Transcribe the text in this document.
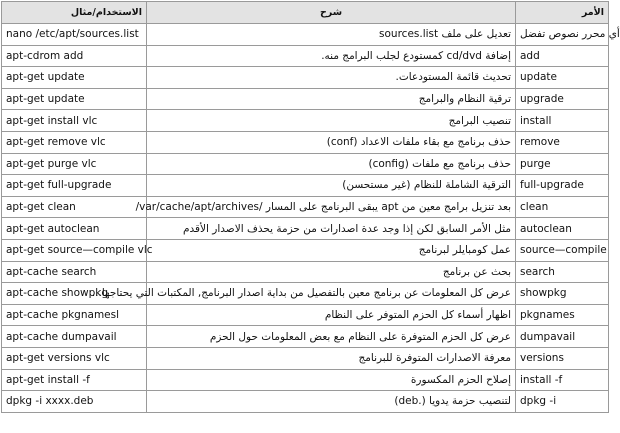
الأمر	شرح	الاستخدام/مثال
أي محرر نصوص تفضل	تعديل على ملف sources.list	nano /etc/apt/sources.list
add	إضافة cd/dvd كمستودع لجلب البرامج منه.	apt-cdrom add
update	تحديث قائمة المستودعات.	apt-get update
upgrade	ترقية النظام والبرامج	apt-get update
install	تنصيب البرامج	apt-get install vlc
remove	حذف برنامج مع بقاء ملفات الاعداد (conf)	apt-get remove vlc
purge	حذف برنامج مع ملفات (config)	apt-get purge vlc
full-upgrade	الترقية الشاملة للنظام (غير مستحسن)	apt-get full-upgrade
clean	بعد تنزيل برامج معين من apt يبقى البرنامج على المسار /var/cache/apt/archives/	apt-get clean
autoclean	مثل الأمر السابق لكن إذا وجد عدة اصدارات من حزمة يحذف الاصدار الأقدم	apt-get autoclean
source—compile	عمل كومبايلر لبرنامج	apt-get source—compile vlc
search	بحث عن برنامج	apt-cache search
showpkg	عرض كل المعلومات عن برنامج معين بالتفصيل من بداية اصدار البرنامج, المكتبات التي يحتاجها...	apt-cache showpkg
pkgnames	اظهار أسماء كل الحزم المتوفر على النظام	apt-cache pkgnamesl
dumpavail	عرض كل الحزم المتوفرة على النظام مع بعض المعلومات حول الحزم	apt-cache dumpavail
versions	معرفة الاصدارات المتوفرة للبرنامج	apt-get versions vlc
install -f	إصلاح الحزم المكسورة	apt-get install -f
dpkg -i	لتنصيب حزمة يدويا (.deb)	dpkg -i xxxx.deb
